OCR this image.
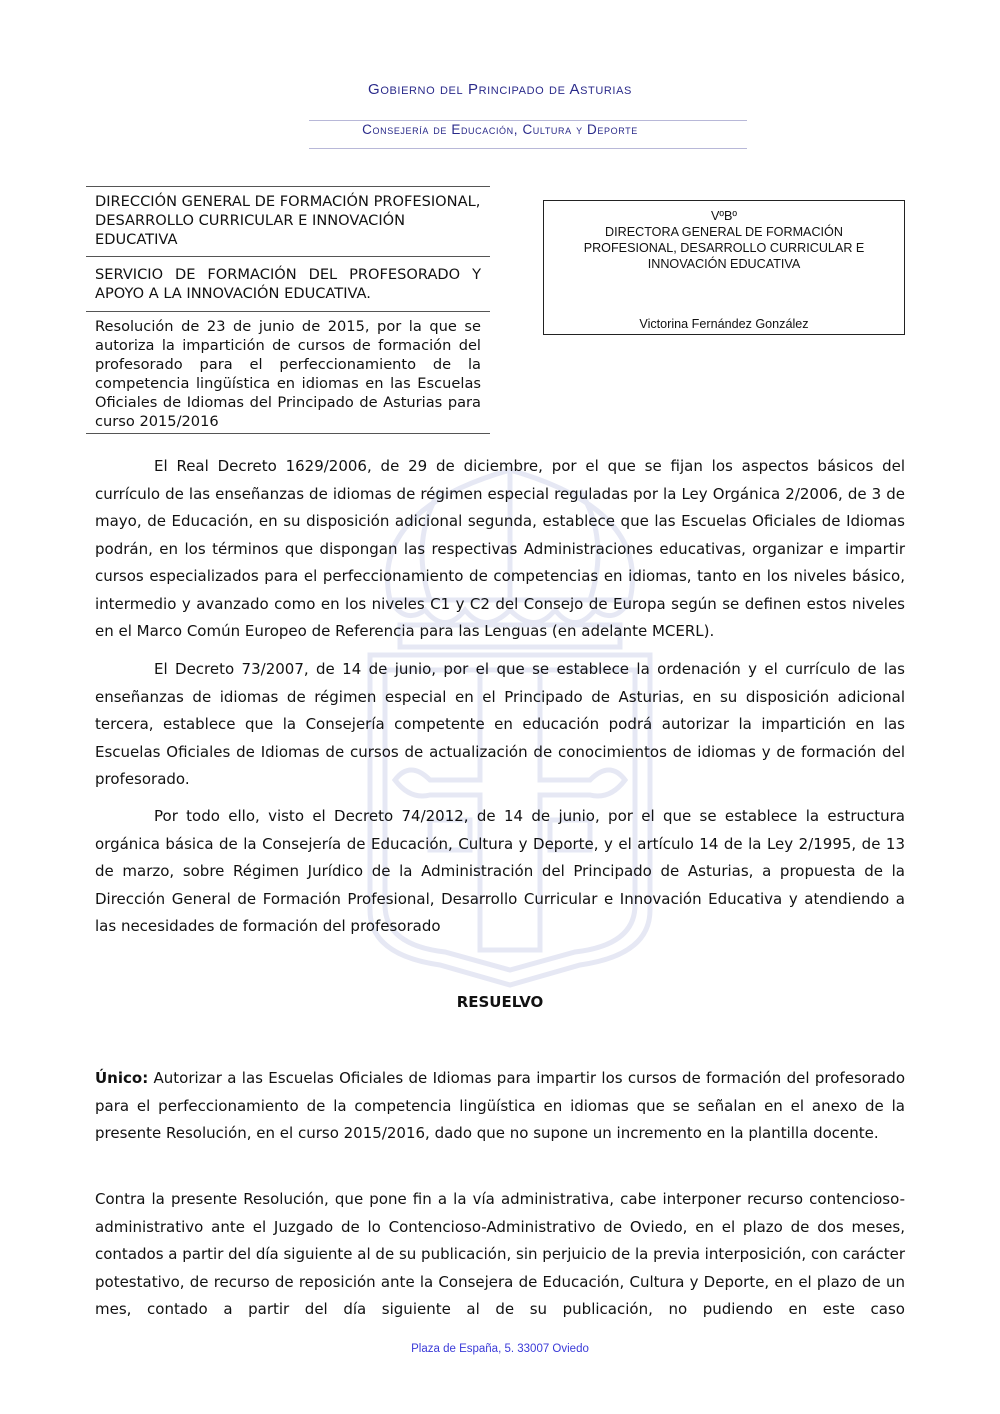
Gobierno del Principado de Asturias
Consejería de Educación, Cultura y Deporte
DIRECCIÓN GENERAL DE FORMACIÓN PROFESIONAL, DESARROLLO CURRICULAR E INNOVACIÓN EDUCATIVA
SERVICIO DE FORMACIÓN DEL PROFESORADO Y APOYO A LA INNOVACIÓN EDUCATIVA.
Resolución de 23 de junio de 2015, por la que se autoriza la impartición de cursos de formación del profesorado para el perfeccionamiento de la competencia lingüística en idiomas en las Escuelas Oficiales de Idiomas del Principado de Asturias para curso 2015/2016
VºBº
DIRECTORA GENERAL DE FORMACIÓN PROFESIONAL, DESARROLLO CURRICULAR E INNOVACIÓN EDUCATIVA
Victorina Fernández González

El Real Decreto 1629/2006, de 29 de diciembre, por el que se fijan los aspectos básicos del currículo de las enseñanzas de idiomas de régimen especial reguladas por la Ley Orgánica 2/2006, de 3 de mayo, de Educación, en su disposición adicional segunda, establece que las Escuelas Oficiales de Idiomas podrán, en los términos que dispongan las respectivas Administraciones educativas, organizar e impartir cursos especializados para el perfeccionamiento de competencias en idiomas, tanto en los niveles básico, intermedio y avanzado como en los niveles C1 y C2 del Consejo de Europa según se definen estos niveles en el Marco Común Europeo de Referencia para las Lenguas (en adelante MCERL).

El Decreto 73/2007, de 14 de junio, por el que se establece la ordenación y el currículo de las enseñanzas de idiomas de régimen especial en el Principado de Asturias, en su disposición adicional tercera, establece que la Consejería competente en educación podrá autorizar la impartición en las Escuelas Oficiales de Idiomas de cursos de actualización de conocimientos de idiomas y de formación del profesorado.

Por todo ello, visto el Decreto 74/2012, de 14 de junio, por el que se establece la estructura orgánica básica de la Consejería de Educación, Cultura y Deporte, y el artículo 14 de la Ley 2/1995, de 13 de marzo, sobre Régimen Jurídico de la Administración del Principado de Asturias, a propuesta de la Dirección General de Formación Profesional, Desarrollo Curricular e Innovación Educativa y atendiendo a las necesidades de formación del profesorado

RESUELVO

Único: Autorizar a las Escuelas Oficiales de Idiomas para impartir los cursos de formación del profesorado para el perfeccionamiento de la competencia lingüística en idiomas que se señalan en el anexo de la presente Resolución, en el curso 2015/2016, dado que no supone un incremento en la plantilla docente.

Contra la presente Resolución, que pone fin a la vía administrativa, cabe interponer recurso contencioso-administrativo ante el Juzgado de lo Contencioso-Administrativo de Oviedo, en el plazo de dos meses, contados a partir del día siguiente al de su publicación, sin perjuicio de la previa interposición, con carácter potestativo, de recurso de reposición ante la Consejera de Educación, Cultura y Deporte, en el plazo de un mes, contado a partir del día siguiente al de su publicación, no pudiendo en este caso

Plaza de España, 5. 33007 Oviedo
